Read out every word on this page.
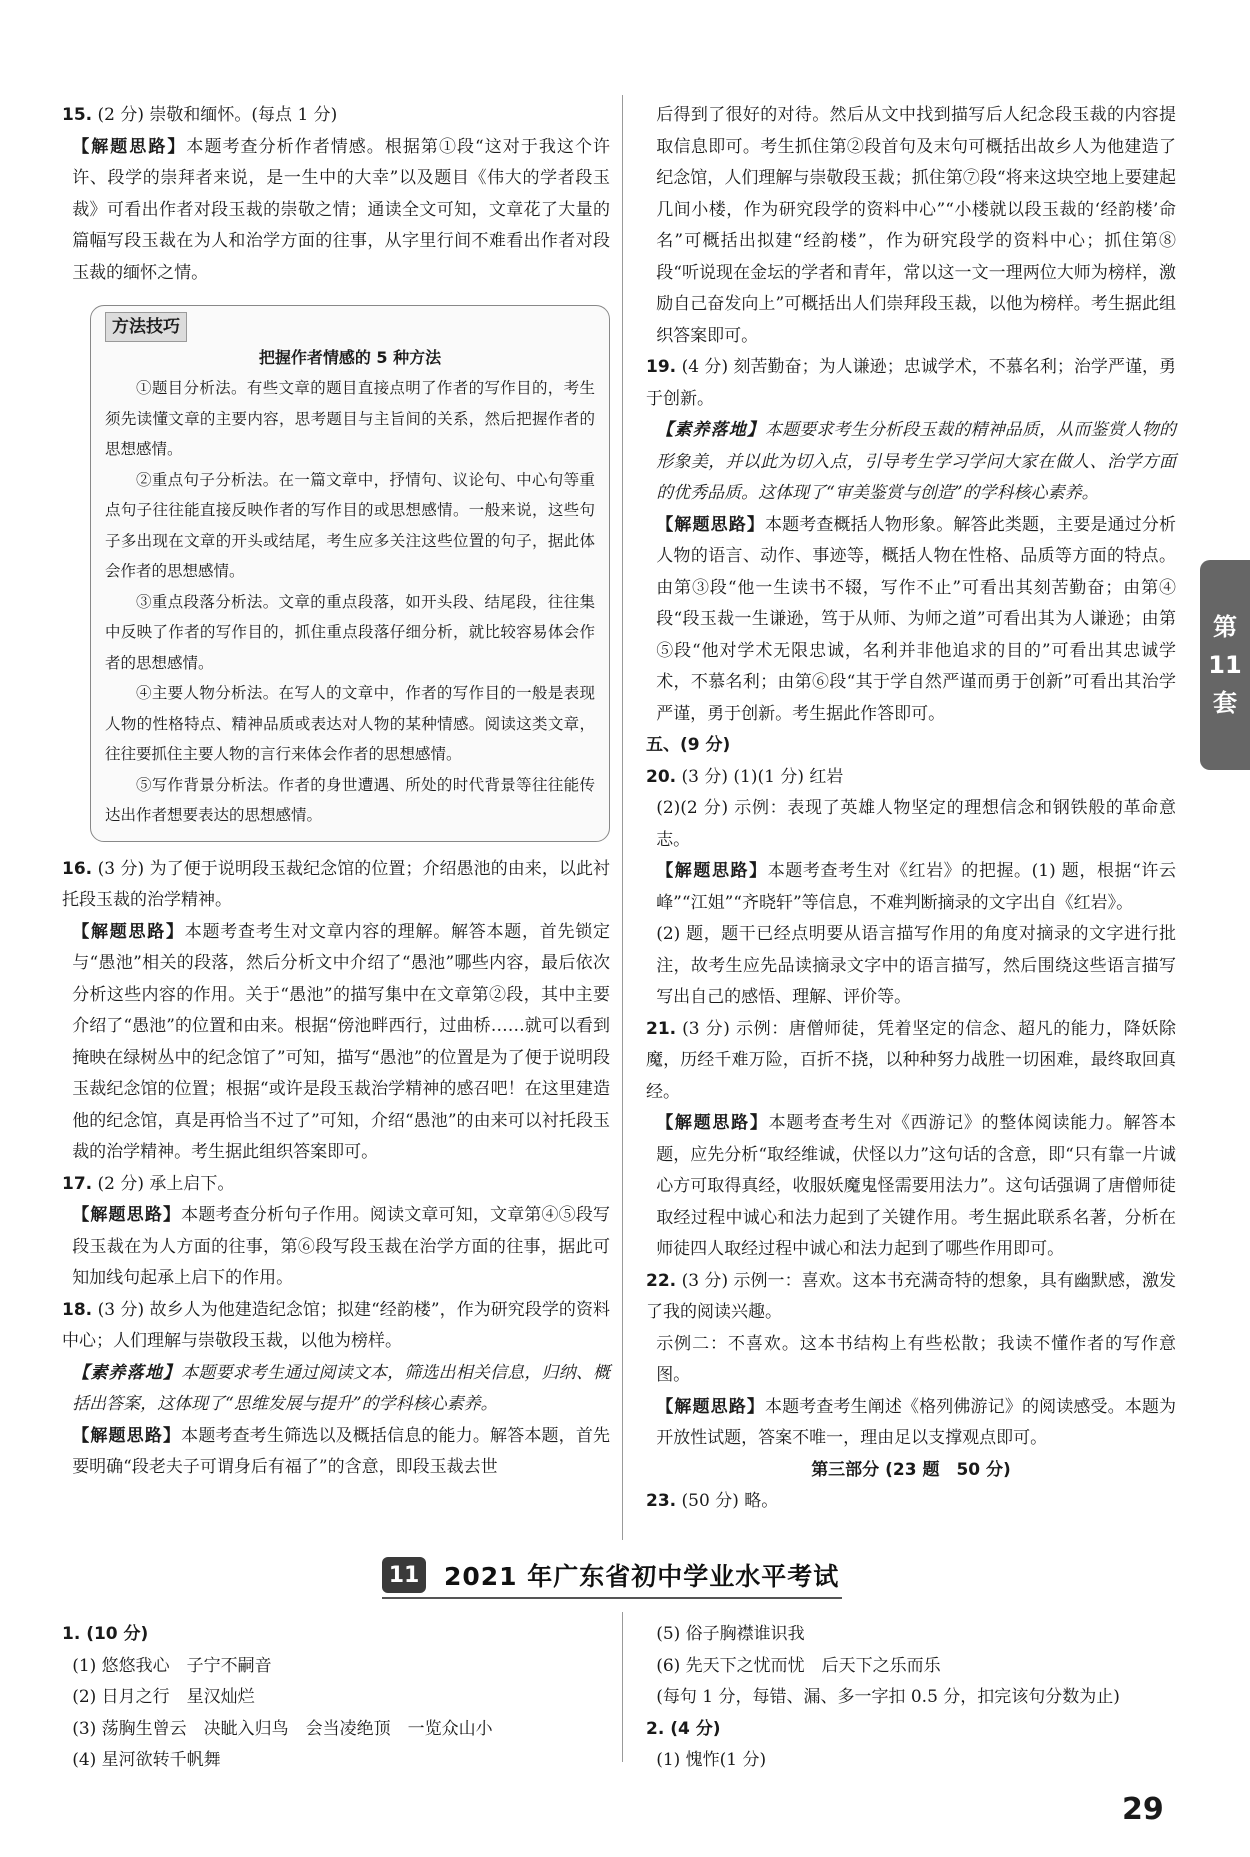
15. (2 分) 崇敬和缅怀。(每点 1 分)

【解题思路】本题考查分析作者情感。根据第①段“这对于我这个许许、段学的崇拜者来说，是一生中的大幸”以及题目《伟大的学者段玉裁》可看出作者对段玉裁的崇敬之情；通读全文可知，文章花了大量的篇幅写段玉裁在为人和治学方面的往事，从字里行间不难看出作者对段玉裁的缅怀之情。

方法技巧
把握作者情感的 5 种方法

①题目分析法。有些文章的题目直接点明了作者的写作目的，考生须先读懂文章的主要内容，思考题目与主旨间的关系，然后把握作者的思想感情。

②重点句子分析法。在一篇文章中，抒情句、议论句、中心句等重点句子往往能直接反映作者的写作目的或思想感情。一般来说，这些句子多出现在文章的开头或结尾，考生应多关注这些位置的句子，据此体会作者的思想感情。

③重点段落分析法。文章的重点段落，如开头段、结尾段，往往集中反映了作者的写作目的，抓住重点段落仔细分析，就比较容易体会作者的思想感情。

④主要人物分析法。在写人的文章中，作者的写作目的一般是表现人物的性格特点、精神品质或表达对人物的某种情感。阅读这类文章，往往要抓住主要人物的言行来体会作者的思想感情。

⑤写作背景分析法。作者的身世遭遇、所处的时代背景等往往能传达出作者想要表达的思想感情。

16. (3 分) 为了便于说明段玉裁纪念馆的位置；介绍愚池的由来，以此衬托段玉裁的治学精神。

【解题思路】本题考查考生对文章内容的理解。解答本题，首先锁定与“愚池”相关的段落，然后分析文中介绍了“愚池”哪些内容，最后依次分析这些内容的作用。关于“愚池”的描写集中在文章第②段，其中主要介绍了“愚池”的位置和由来。根据“傍池畔西行，过曲桥……就可以看到掩映在绿树丛中的纪念馆了”可知，描写“愚池”的位置是为了便于说明段玉裁纪念馆的位置；根据“或许是段玉裁治学精神的感召吧！在这里建造他的纪念馆，真是再恰当不过了”可知，介绍“愚池”的由来可以衬托段玉裁的治学精神。考生据此组织答案即可。

17. (2 分) 承上启下。

【解题思路】本题考查分析句子作用。阅读文章可知，文章第④⑤段写段玉裁在为人方面的往事，第⑥段写段玉裁在治学方面的往事，据此可知加线句起承上启下的作用。

18. (3 分) 故乡人为他建造纪念馆；拟建“经韵楼”，作为研究段学的资料中心；人们理解与崇敬段玉裁，以他为榜样。

【素养落地】本题要求考生通过阅读文本，筛选出相关信息，归纳、概括出答案，这体现了“思维发展与提升”的学科核心素养。

【解题思路】本题考查考生筛选以及概括信息的能力。解答本题，首先要明确“段老夫子可谓身后有福了”的含意，即段玉裁去世

后得到了很好的对待。然后从文中找到描写后人纪念段玉裁的内容提取信息即可。考生抓住第②段首句及末句可概括出故乡人为他建造了纪念馆，人们理解与崇敬段玉裁；抓住第⑦段“将来这块空地上要建起几间小楼，作为研究段学的资料中心”“小楼就以段玉裁的‘经韵楼’命名”可概括出拟建“经韵楼”，作为研究段学的资料中心；抓住第⑧段“听说现在金坛的学者和青年，常以这一文一理两位大师为榜样，激励自己奋发向上”可概括出人们崇拜段玉裁，以他为榜样。考生据此组织答案即可。

19. (4 分) 刻苦勤奋；为人谦逊；忠诚学术，不慕名利；治学严谨，勇于创新。

【素养落地】本题要求考生分析段玉裁的精神品质，从而鉴赏人物的形象美，并以此为切入点，引导考生学习学问大家在做人、治学方面的优秀品质。这体现了“审美鉴赏与创造”的学科核心素养。

【解题思路】本题考查概括人物形象。解答此类题，主要是通过分析人物的语言、动作、事迹等，概括人物在性格、品质等方面的特点。由第③段“他一生读书不辍，写作不止”可看出其刻苦勤奋；由第④段“段玉裁一生谦逊，笃于从师、为师之道”可看出其为人谦逊；由第⑤段“他对学术无限忠诚，名利并非他追求的目的”可看出其忠诚学术，不慕名利；由第⑥段“其于学自然严谨而勇于创新”可看出其治学严谨，勇于创新。考生据此作答即可。

五、(9 分)

20. (3 分) (1)(1 分) 红岩

(2)(2 分) 示例：表现了英雄人物坚定的理想信念和钢铁般的革命意志。

【解题思路】本题考查考生对《红岩》的把握。(1) 题，根据“许云峰”“江姐”“齐晓轩”等信息，不难判断摘录的文字出自《红岩》。

(2) 题，题干已经点明要从语言描写作用的角度对摘录的文字进行批注，故考生应先品读摘录文字中的语言描写，然后围绕这些语言描写写出自己的感悟、理解、评价等。

21. (3 分) 示例：唐僧师徒，凭着坚定的信念、超凡的能力，降妖除魔，历经千难万险，百折不挠，以种种努力战胜一切困难，最终取回真经。

【解题思路】本题考查考生对《西游记》的整体阅读能力。解答本题，应先分析“取经维诚，伏怪以力”这句话的含意，即“只有靠一片诚心方可取得真经，收服妖魔鬼怪需要用法力”。这句话强调了唐僧师徒取经过程中诚心和法力起到了关键作用。考生据此联系名著，分析在师徒四人取经过程中诚心和法力起到了哪些作用即可。

22. (3 分) 示例一：喜欢。这本书充满奇特的想象，具有幽默感，激发了我的阅读兴趣。

示例二：不喜欢。这本书结构上有些松散；我读不懂作者的写作意图。

【解题思路】本题考查考生阐述《格列佛游记》的阅读感受。本题为开放性试题，答案不唯一，理由足以支撑观点即可。

第三部分 (23 题　50 分)

23. (50 分) 略。

11 2021 年广东省初中学业水平考试

1. (10 分)

(1) 悠悠我心　子宁不嗣音

(2) 日月之行　星汉灿烂

(3) 荡胸生曾云　决眦入归鸟　会当凌绝顶　一览众山小

(4) 星河欲转千帆舞

(5) 俗子胸襟谁识我

(6) 先天下之忧而忧　后天下之乐而乐

(每句 1 分，每错、漏、多一字扣 0.5 分，扣完该句分数为止)

2. (4 分)

(1) 愧怍(1 分)

第
11
套
29
